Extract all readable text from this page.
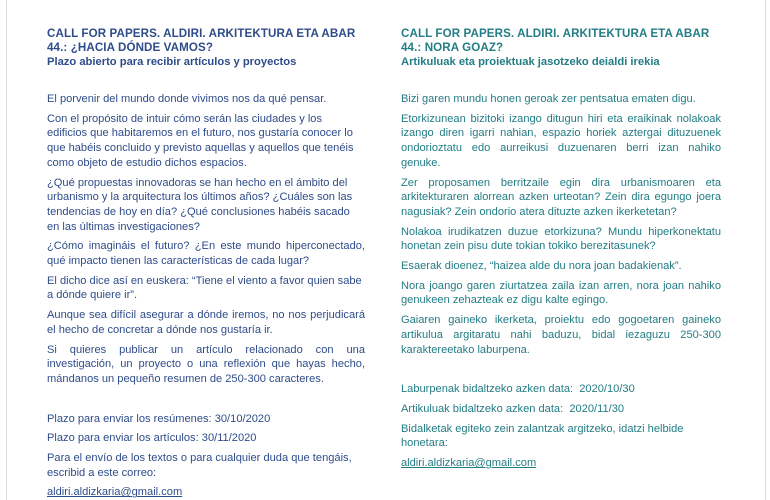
CALL FOR PAPERS. ALDIRI. ARKITEKTURA ETA ABAR 44.: ¿HACIA DÓNDE VAMOS?
Plazo abierto para recibir artículos y proyectos

El porvenir del mundo donde vivimos nos da qué pensar.

Con el propósito de intuir cómo serán las ciudades y los edificios que habitaremos en el futuro, nos gustaría conocer lo que habéis concluido y previsto aquellas y aquellos que tenéis como objeto de estudio dichos espacios.

¿Qué propuestas innovadoras se han hecho en el ámbito del urbanismo y la arquitectura los últimos años? ¿Cuáles son las tendencias de hoy en día? ¿Qué conclusiones habéis sacado en las últimas investigaciones?

¿Cómo imagináis el futuro? ¿En este mundo hiperconectado, qué impacto tienen las características de cada lugar?

El dicho dice así en euskera: “Tiene el viento a favor quien sabe a dónde quiere ir”.

Aunque sea difícil asegurar a dónde iremos, no nos perjudicará el hecho de concretar a dónde nos gustaría ir.

Si quieres publicar un artículo relacionado con una investigación, un proyecto o una reflexión que hayas hecho, mándanos un pequeño resumen de 250-300 caracteres.

Plazo para enviar los resúmenes: 30/10/2020

Plazo para enviar los artículos: 30/11/2020

Para el envío de los textos o para cualquier duda que tengáis, escribid a este correo:

aldiri.aldizkaria@gmail.com
CALL FOR PAPERS. ALDIRI. ARKITEKTURA ETA ABAR 44.: NORA GOAZ?
Artikuluak eta proiektuak jasotzeko deialdi irekia

Bizi garen mundu honen geroak zer pentsatua ematen digu.

Etorkizunean bizitoki izango ditugun hiri eta eraikinak nolakoak izango diren igarri nahian, espazio horiek aztergai dituzuenek ondorioztatu edo aurreikusi duzuenaren berri izan nahiko genuke.

Zer proposamen berritzaile egin dira urbanismoaren eta arkitekturaren alorrean azken urteotan? Zein dira egungo joera nagusiak? Zein ondorio atera dituzte azken ikerketetan?

Nolakoa irudikatzen duzue etorkizuna? Mundu hiperkonektatu honetan zein pisu dute tokian tokiko berezitasunek?

Esaerak dioenez, “haizea alde du nora joan badakienak”.

Nora joango garen ziurtatzea zaila izan arren, nora joan nahiko genukeen zehazteak ez digu kalte egingo.

Gaiaren gaineko ikerketa, proiektu edo gogoetaren gaineko artikulua argitaratu nahi baduzu, bidal iezaguzu 250-300 karaktereetako laburpena.

Laburpenak bidaltzeko azken data:  2020/10/30

Artikuluak bidaltzeko azken data:  2020/11/30

Bidalketak egiteko zein zalantzak argitzeko, idatzi helbide honetara:

aldiri.aldizkaria@gmail.com
